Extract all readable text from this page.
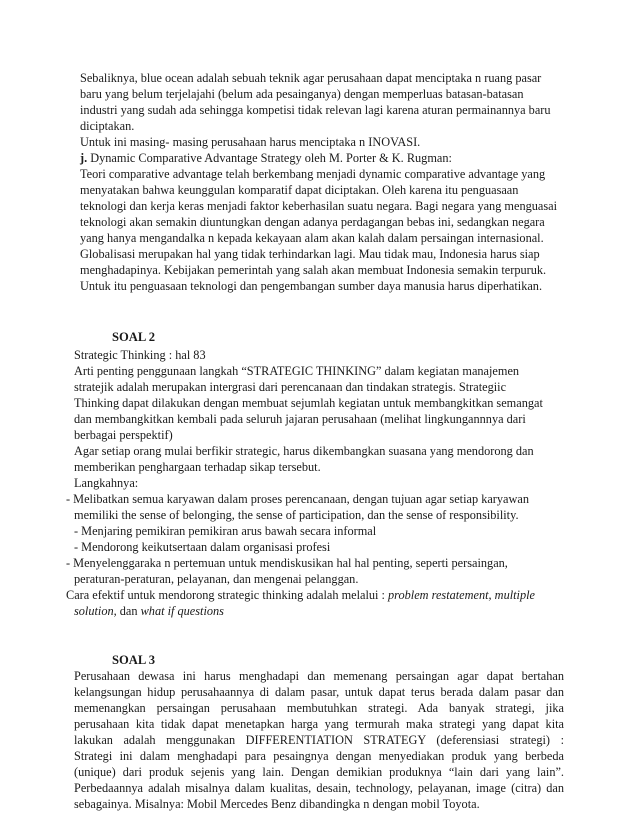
Sebaliknya, blue ocean adalah sebuah teknik agar perusahaan dapat menciptaka n ruang pasar
baru yang belum terjelajahi (belum ada pesainganya) dengan memperluas batasan-batasan
industri yang sudah ada sehingga kompetisi tidak relevan lagi karena aturan permainannya baru
diciptakan.
Untuk ini masing- masing perusahaan harus menciptaka n INOVASI.
j. Dynamic Comparative Advantage Strategy oleh M. Porter & K. Rugman:
Teori comparative advantage telah berkembang menjadi dynamic comparative advantage yang
menyatakan bahwa keunggulan komparatif dapat diciptakan. Oleh karena itu penguasaan
teknologi dan kerja keras menjadi faktor keberhasilan suatu negara. Bagi negara yang menguasai
teknologi akan semakin diuntungkan dengan adanya perdagangan bebas ini, sedangkan negara
yang hanya mengandalka n kepada kekayaan alam akan kalah dalam persaingan internasional.
Globalisasi merupakan hal yang tidak terhindarkan lagi. Mau tidak mau, Indonesia harus siap
menghadapinya. Kebijakan pemerintah yang salah akan membuat Indonesia semakin terpuruk.
Untuk itu penguasaan teknologi dan pengembangan sumber daya manusia harus diperhatikan.
SOAL 2
Strategic Thinking : hal 83
Arti penting penggunaan langkah “STRATEGIC THINKING” dalam kegiatan manajemen
stratejik adalah merupakan intergrasi dari perencanaan dan tindakan strategis. Strategiic
Thinking dapat dilakukan dengan membuat sejumlah kegiatan untuk membangkitkan semangat
dan membangkitkan kembali pada seluruh jajaran perusahaan (melihat lingkungannnya dari
berbagai perspektif)
Agar setiap orang mulai berfikir strategic, harus dikembangkan suasana yang mendorong dan
memberikan penghargaan terhadap sikap tersebut.
Langkahnya:
- Melibatkan semua karyawan dalam proses perencanaan, dengan tujuan agar setiap karyawan
memiliki the sense of belonging, the sense of participation, dan the sense of responsibility.
- Menjaring pemikiran pemikiran arus bawah secara informal
- Mendorong keikutsertaan dalam organisasi profesi
- Menyelenggaraka n pertemuan untuk mendiskusikan hal hal penting, seperti persaingan,
peraturan-peraturan, pelayanan, dan mengenai pelanggan.
Cara efektif untuk mendorong strategic thinking adalah melalui : problem restatement, multiple
solution, dan what if questions
SOAL 3
Perusahaan dewasa ini harus menghadapi dan memenang persaingan agar dapat bertahan
kelangsungan hidup perusahaannya di dalam pasar, untuk dapat terus berada dalam pasar dan
memenangkan persaingan perusahaan membutuhkan strategi. Ada banyak strategi, jika
perusahaan kita tidak dapat menetapkan harga yang termurah maka strategi yang dapat kita
lakukan adalah menggunakan DIFFERENTIATION STRATEGY (deferensiasi strategi) :
Strategi ini dalam menghadapi para pesaingnya dengan menyediakan produk yang berbeda
(unique) dari produk sejenis yang lain. Dengan demikian produknya “lain dari yang lain”.
Perbedaannya adalah misalnya dalam kualitas, desain, technology, pelayanan, image (citra) dan
sebagainya. Misalnya: Mobil Mercedes Benz dibandingka n dengan mobil Toyota.
